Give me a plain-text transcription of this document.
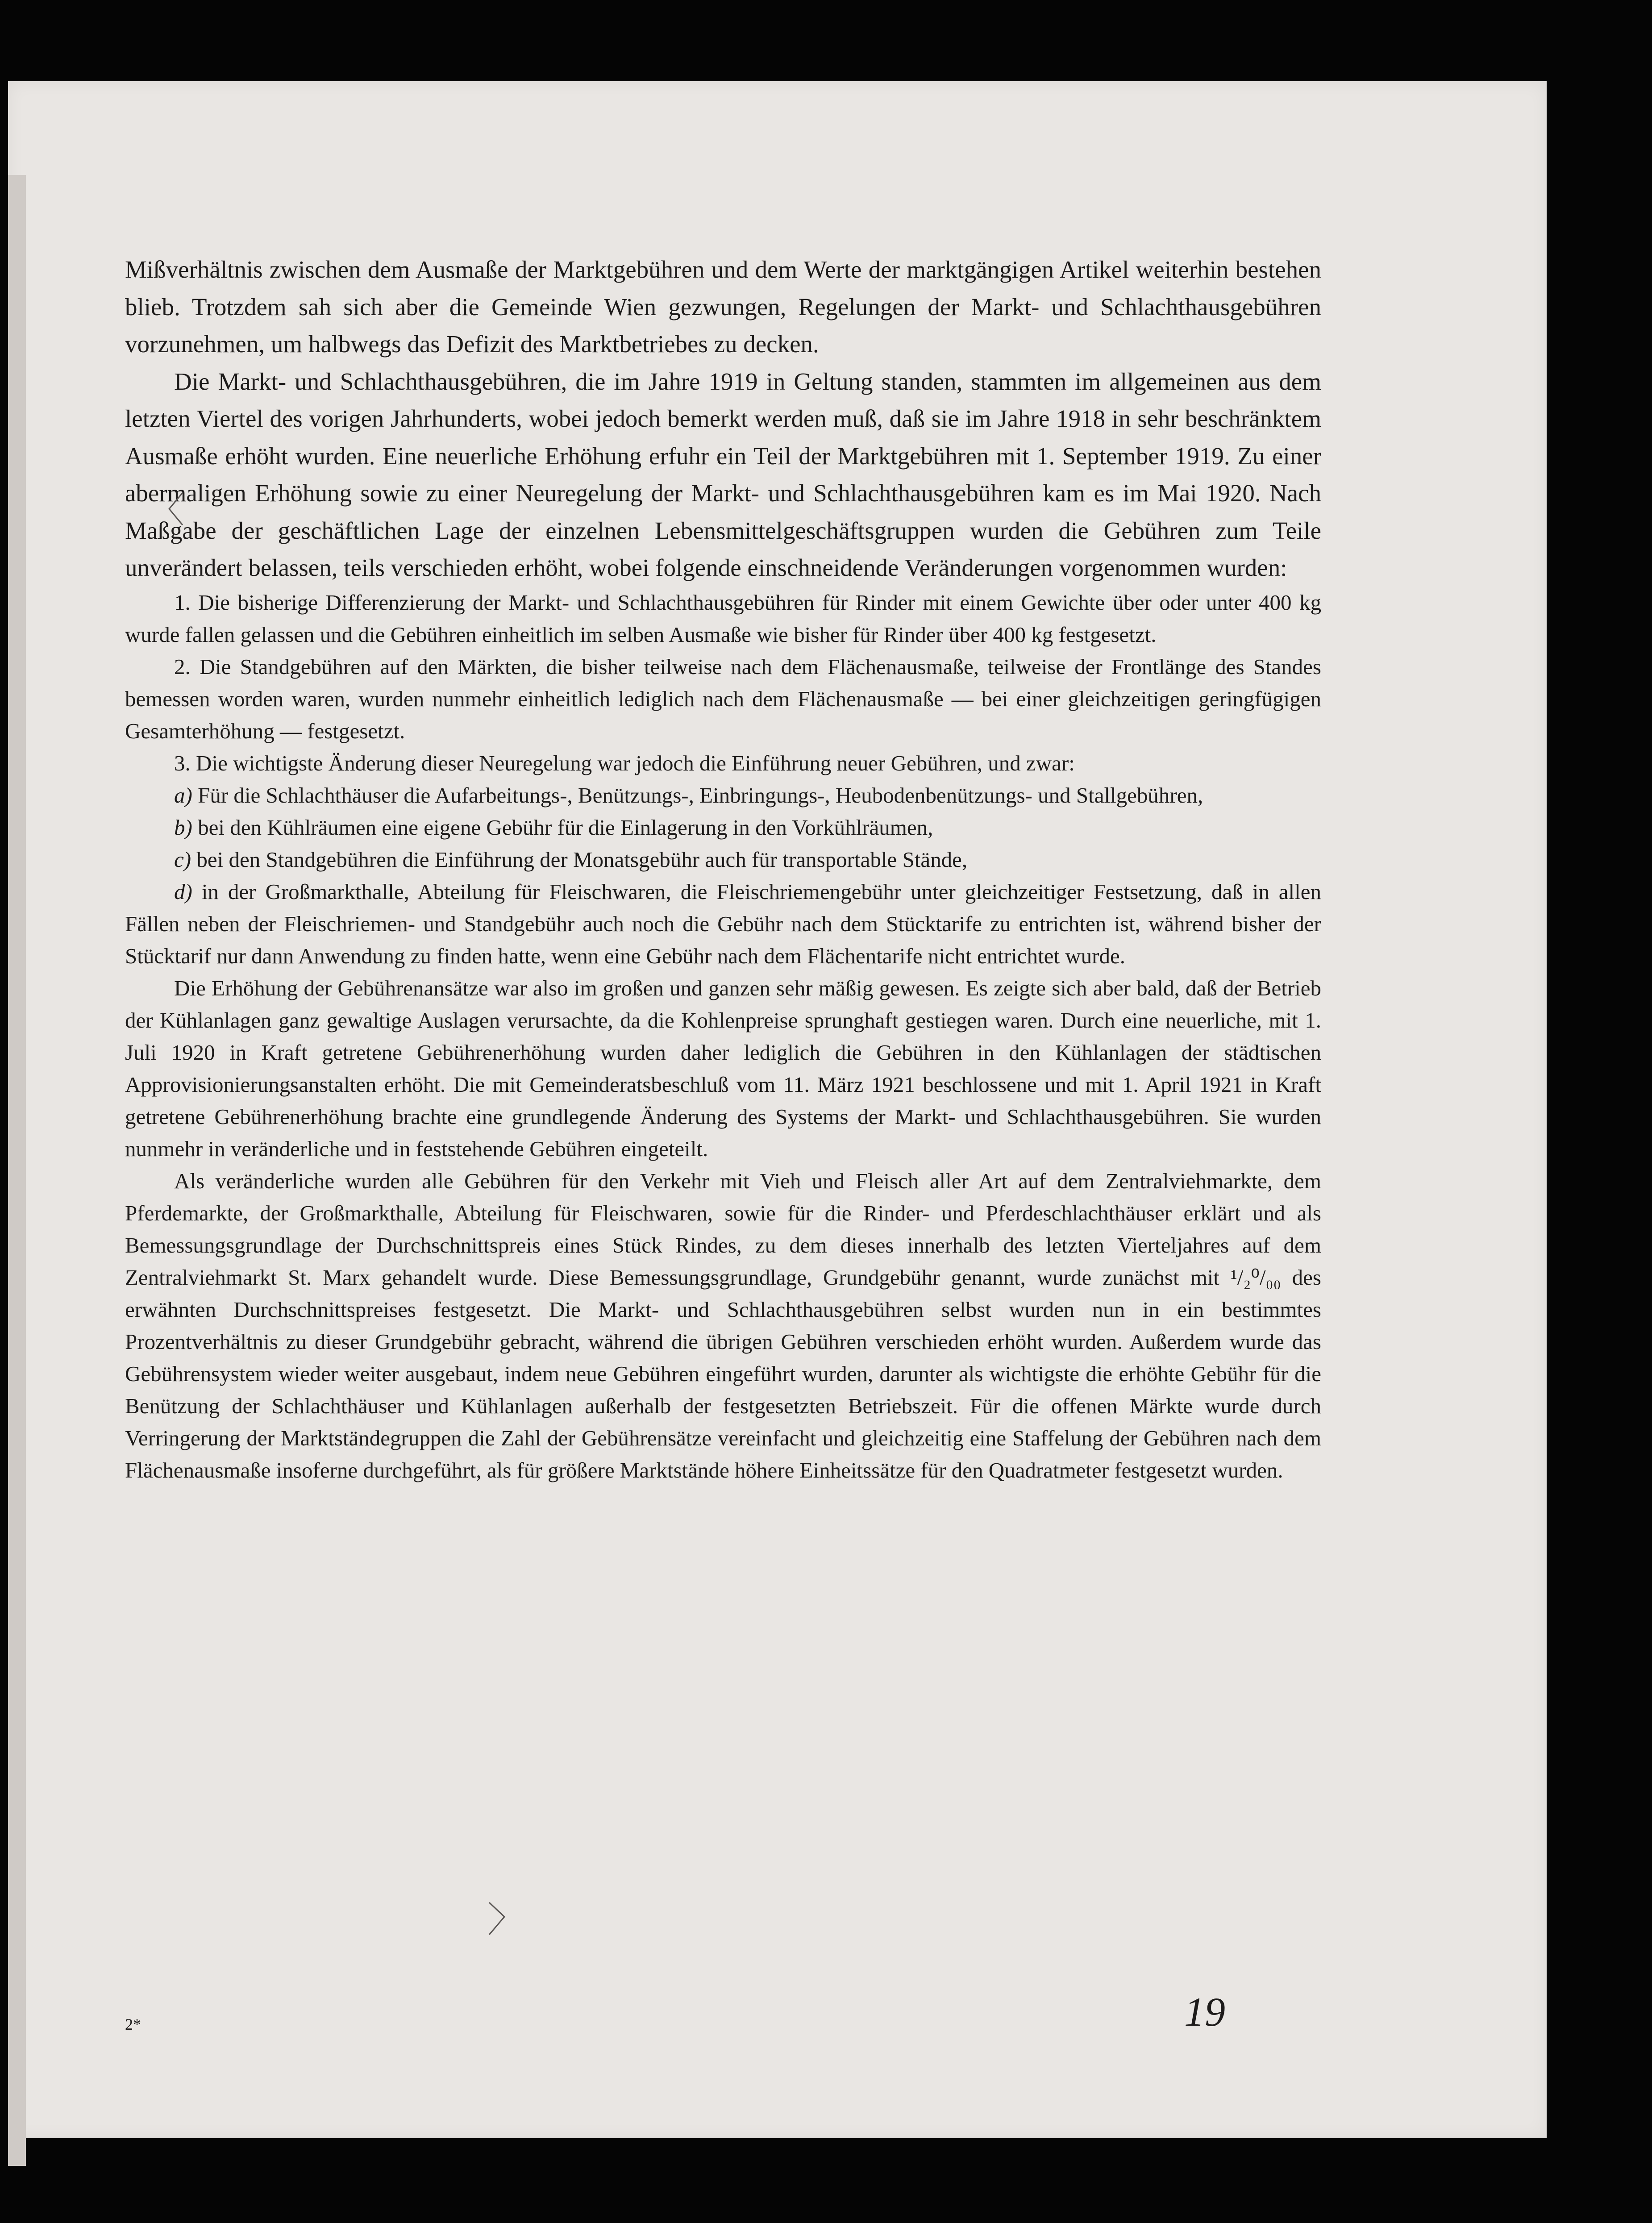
Mißverhältnis zwischen dem Ausmaße der Marktgebühren und dem Werte der marktgängigen Artikel weiterhin bestehen blieb. Trotzdem sah sich aber die Gemeinde Wien gezwungen, Regelungen der Markt- und Schlachthausgebühren vorzunehmen, um halbwegs das Defizit des Marktbetriebes zu decken.

Die Markt- und Schlachthausgebühren, die im Jahre 1919 in Geltung standen, stammten im allgemeinen aus dem letzten Viertel des vorigen Jahrhunderts, wobei jedoch bemerkt werden muß, daß sie im Jahre 1918 in sehr beschränktem Ausmaße erhöht wurden. Eine neuerliche Erhöhung erfuhr ein Teil der Marktgebühren mit 1. September 1919. Zu einer abermaligen Erhöhung sowie zu einer Neuregelung der Markt- und Schlachthausgebühren kam es im Mai 1920. Nach Maßgabe der geschäftlichen Lage der einzelnen Lebensmittelgeschäftsgruppen wurden die Gebühren zum Teile unverändert belassen, teils verschieden erhöht, wobei folgende einschneidende Veränderungen vorgenommen wurden:

1. Die bisherige Differenzierung der Markt- und Schlachthausgebühren für Rinder mit einem Gewichte über oder unter 400 kg wurde fallen gelassen und die Gebühren einheitlich im selben Ausmaße wie bisher für Rinder über 400 kg festgesetzt.

2. Die Standgebühren auf den Märkten, die bisher teilweise nach dem Flächenausmaße, teilweise der Frontlänge des Standes bemessen worden waren, wurden nunmehr einheitlich lediglich nach dem Flächenausmaße — bei einer gleichzeitigen geringfügigen Gesamterhöhung — festgesetzt.

3. Die wichtigste Änderung dieser Neuregelung war jedoch die Einführung neuer Gebühren, und zwar:

a) Für die Schlachthäuser die Aufarbeitungs-, Benützungs-, Einbringungs-, Heubodenbenützungs- und Stallgebühren,

b) bei den Kühlräumen eine eigene Gebühr für die Einlagerung in den Vorkühlräumen,

c) bei den Standgebühren die Einführung der Monatsgebühr auch für transportable Stände,

d) in der Großmarkthalle, Abteilung für Fleischwaren, die Fleischriemengebühr unter gleichzeitiger Festsetzung, daß in allen Fällen neben der Fleischriemen- und Standgebühr auch noch die Gebühr nach dem Stücktarife zu entrichten ist, während bisher der Stücktarif nur dann Anwendung zu finden hatte, wenn eine Gebühr nach dem Flächentarife nicht entrichtet wurde.

Die Erhöhung der Gebührenansätze war also im großen und ganzen sehr mäßig gewesen. Es zeigte sich aber bald, daß der Betrieb der Kühlanlagen ganz gewaltige Auslagen verursachte, da die Kohlenpreise sprunghaft gestiegen waren. Durch eine neuerliche, mit 1. Juli 1920 in Kraft getretene Gebührenerhöhung wurden daher lediglich die Gebühren in den Kühlanlagen der städtischen Approvisionierungsanstalten erhöht. Die mit Gemeinderatsbeschluß vom 11. März 1921 beschlossene und mit 1. April 1921 in Kraft getretene Gebührenerhöhung brachte eine grundlegende Änderung des Systems der Markt- und Schlachthausgebühren. Sie wurden nunmehr in veränderliche und in feststehende Gebühren eingeteilt.

Als veränderliche wurden alle Gebühren für den Verkehr mit Vieh und Fleisch aller Art auf dem Zentralviehmarkte, dem Pferdemarkte, der Großmarkthalle, Abteilung für Fleischwaren, sowie für die Rinder- und Pferdeschlachthäuser erklärt und als Bemessungsgrundlage der Durchschnittspreis eines Stück Rindes, zu dem dieses innerhalb des letzten Vierteljahres auf dem Zentralviehmarkt St. Marx gehandelt wurde. Diese Bemessungsgrundlage, Grundgebühr genannt, wurde zunächst mit ¹/₂⁰/₀₀ des erwähnten Durchschnittspreises festgesetzt. Die Markt- und Schlachthausgebühren selbst wurden nun in ein bestimmtes Prozentverhältnis zu dieser Grundgebühr gebracht, während die übrigen Gebühren verschieden erhöht wurden. Außerdem wurde das Gebührensystem wieder weiter ausgebaut, indem neue Gebühren eingeführt wurden, darunter als wichtigste die erhöhte Gebühr für die Benützung der Schlachthäuser und Kühlanlagen außerhalb der festgesetzten Betriebszeit. Für die offenen Märkte wurde durch Verringerung der Marktständegruppen die Zahl der Gebührensätze vereinfacht und gleichzeitig eine Staffelung der Gebühren nach dem Flächenausmaße insoferne durchgeführt, als für größere Marktstände höhere Einheitssätze für den Quadratmeter festgesetzt wurden.

2*	19
